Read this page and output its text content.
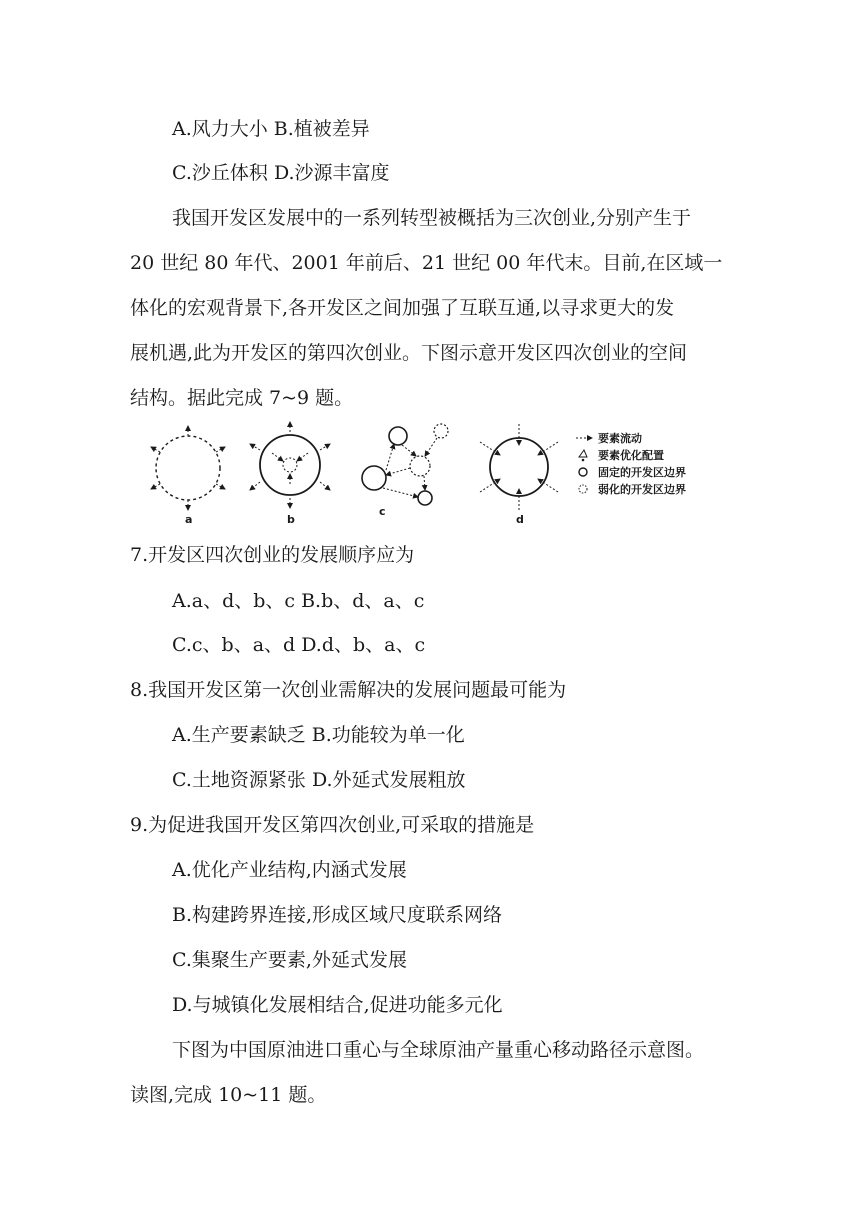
A.风力大小 B.植被差异
C.沙丘体积 D.沙源丰富度
我国开发区发展中的一系列转型被概括为三次创业,分别产生于
20 世纪 80 年代、2001 年前后、21 世纪 00 年代末。目前,在区域一
体化的宏观背景下,各开发区之间加强了互联互通,以寻求更大的发
展机遇,此为开发区的第四次创业。下图示意开发区四次创业的空间
结构。据此完成 7~9 题。
a	b
c
d
要素流动
要素优化配置
固定的开发区边界
弱化的开发区边界
7.开发区四次创业的发展顺序应为
A.a、d、b、c B.b、d、a、c
C.c、b、a、d D.d、b、a、c
8.我国开发区第一次创业需解决的发展问题最可能为
A.生产要素缺乏 B.功能较为单一化
C.土地资源紧张 D.外延式发展粗放
9.为促进我国开发区第四次创业,可采取的措施是
A.优化产业结构,内涵式发展
B.构建跨界连接,形成区域尺度联系网络
C.集聚生产要素,外延式发展
D.与城镇化发展相结合,促进功能多元化
下图为中国原油进口重心与全球原油产量重心移动路径示意图。
读图,完成 10~11 题。
